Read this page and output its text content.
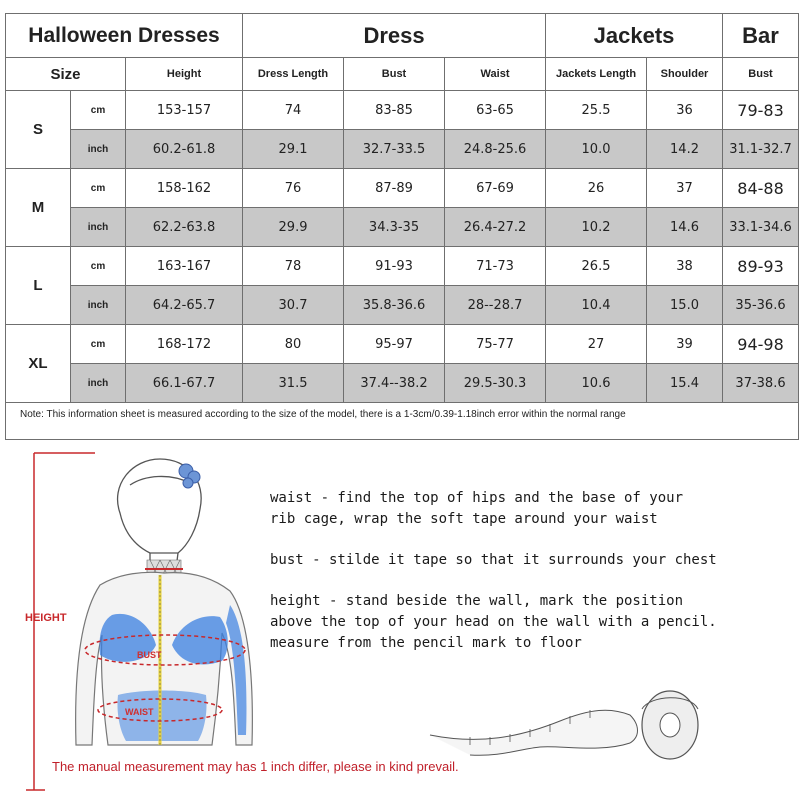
Halloween Dresses			Dress			Jackets		Bar
Size		Height	Dress Length	Bust	Waist	Jackets Length	Shoulder	Bust
S	cm	153-157	74	83-85	63-65	25.5	36	79-83
	inch	60.2-61.8	29.1	32.7-33.5	24.8-25.6	10.0	14.2	31.1-32.7
M	cm	158-162	76	87-89	67-69	26	37	84-88
	inch	62.2-63.8	29.9	34.3-35	26.4-27.2	10.2	14.6	33.1-34.6
L	cm	163-167	78	91-93	71-73	26.5	38	89-93
	inch	64.2-65.7	30.7	35.8-36.6	28--28.7	10.4	15.0	35-36.6
XL	cm	168-172	80	95-97	75-77	27	39	94-98
	inch	66.1-67.7	31.5	37.4--38.2	29.5-30.3	10.6	15.4	37-38.6
Note: This information sheet is measured according to the size of the model, there is a 1-3cm/0.39-1.18inch error within the normal range								
HEIGHT
BUST
WAIST

waist - find the top of hips and the base of your
rib cage, wrap the soft tape around your waist

bust - stilde it tape so that it surrounds your chest

height - stand beside the wall, mark the position
above the top of your head on the wall with a pencil.
measure from the pencil mark to floor

The manual measurement may has 1 inch differ, please in kind prevail.
